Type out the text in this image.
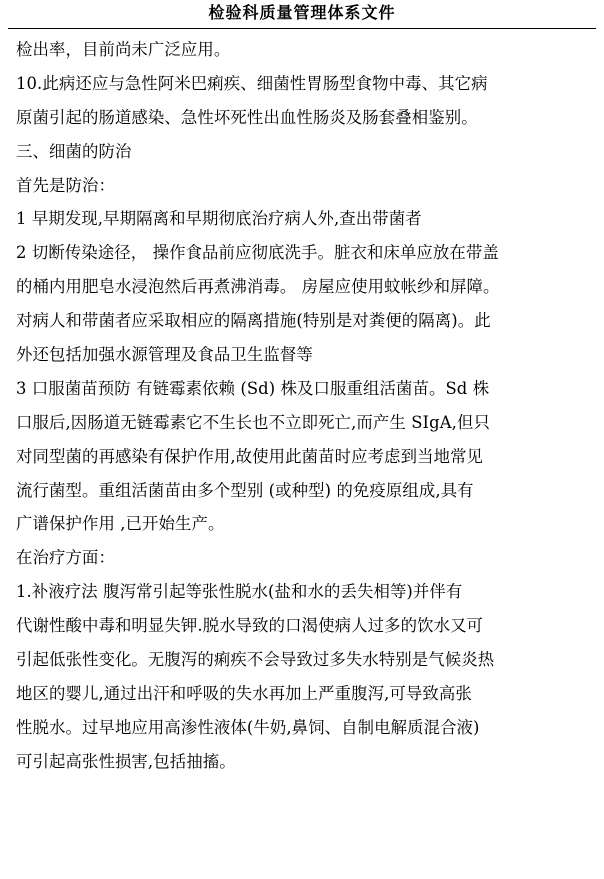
检验科质量管理体系文件
检出率，目前尚未广泛应用。
10.此病还应与急性阿米巴痢疾、细菌性胃肠型食物中毒、其它病
原菌引起的肠道感染、急性坏死性出血性肠炎及肠套叠相鉴别。
三、细菌的防治
首先是防治：
1 早期发现,早期隔离和早期彻底治疗病人外,查出带菌者
2 切断传染途径， 操作食品前应彻底洗手。脏衣和床单应放在带盖
的桶内用肥皂水浸泡然后再煮沸消毒。 房屋应使用蚊帐纱和屏障。
对病人和带菌者应采取相应的隔离措施(特别是对粪便的隔离)。此
外还包括加强水源管理及食品卫生监督等
3 口服菌苗预防 有链霉素依赖 (Sd) 株及口服重组活菌苗。Sd 株
口服后,因肠道无链霉素它不生长也不立即死亡,而产生 SIgA,但只
对同型菌的再感染有保护作用,故使用此菌苗时应考虑到当地常见
流行菌型。重组活菌苗由多个型别 (或种型) 的免疫原组成,具有
广谱保护作用 ,已开始生产。
在治疗方面：
1.补液疗法 腹泻常引起等张性脱水(盐和水的丢失相等)并伴有
代谢性酸中毒和明显失钾.脱水导致的口渴使病人过多的饮水又可
引起低张性变化。无腹泻的痢疾不会导致过多失水特别是气候炎热
地区的婴儿,通过出汗和呼吸的失水再加上严重腹泻,可导致高张
性脱水。过早地应用高渗性液体(牛奶,鼻饲、自制电解质混合液)
可引起高张性损害,包括抽搐。
